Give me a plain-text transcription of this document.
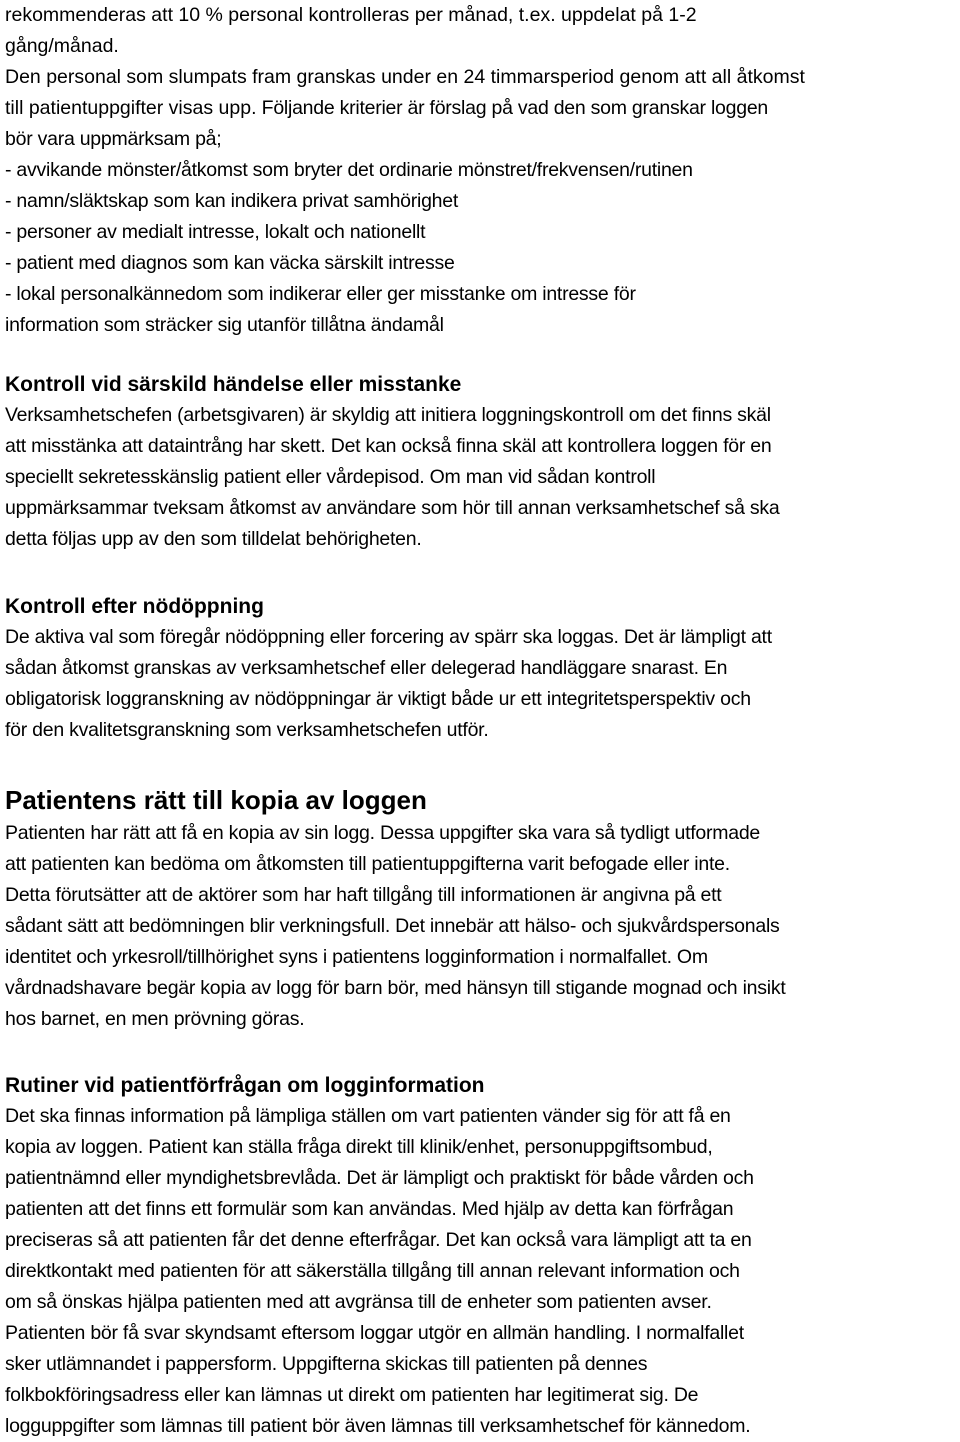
rekommenderas att 10 % personal kontrolleras per månad, t.ex. uppdelat på 1-2
gång/månad.
Den personal som slumpats fram granskas under en 24 timmarsperiod genom att all åtkomst
till patientuppgifter visas upp. Följande kriterier är förslag på vad den som granskar loggen
bör vara uppmärksam på;
- avvikande mönster/åtkomst som bryter det ordinarie mönstret/frekvensen/rutinen
- namn/släktskap som kan indikera privat samhörighet
- personer av medialt intresse, lokalt och nationellt
- patient med diagnos som kan väcka särskilt intresse
- lokal personalkännedom som indikerar eller ger misstanke om intresse för
information som sträcker sig utanför tillåtna ändamål
Kontroll vid särskild händelse eller misstanke
Verksamhetschefen (arbetsgivaren) är skyldig att initiera loggningskontroll om det finns skäl
att misstänka att dataintrång har skett. Det kan också finna skäl att kontrollera loggen för en
speciellt sekretesskänslig patient eller vårdepisod. Om man vid sådan kontroll
uppmärksammar tveksam åtkomst av användare som hör till annan verksamhetschef så ska
detta följas upp av den som tilldelat behörigheten.
Kontroll efter nödöppning
De aktiva val som föregår nödöppning eller forcering av spärr ska loggas. Det är lämpligt att
sådan åtkomst granskas av verksamhetschef eller delegerad handläggare snarast. En
obligatorisk loggranskning av nödöppningar är viktigt både ur ett integritetsperspektiv och
för den kvalitetsgranskning som verksamhetschefen utför.
Patientens rätt till kopia av loggen
Patienten har rätt att få en kopia av sin logg. Dessa uppgifter ska vara så tydligt utformade
att patienten kan bedöma om åtkomsten till patientuppgifterna varit befogade eller inte.
Detta förutsätter att de aktörer som har haft tillgång till informationen är angivna på ett
sådant sätt att bedömningen blir verkningsfull. Det innebär att hälso- och sjukvårdspersonals
identitet och yrkesroll/tillhörighet syns i patientens logginformation i normalfallet. Om
vårdnadshavare begär kopia av logg för barn bör, med hänsyn till stigande mognad och insikt
hos barnet, en men prövning göras.
Rutiner vid patientförfrågan om logginformation
Det ska finnas information på lämpliga ställen om vart patienten vänder sig för att få en
kopia av loggen. Patient kan ställa fråga direkt till klinik/enhet, personuppgiftsombud,
patientnämnd eller myndighetsbrevlåda. Det är lämpligt och praktiskt för både vården och
patienten att det finns ett formulär som kan användas. Med hjälp av detta kan förfrågan
preciseras så att patienten får det denne efterfrågar. Det kan också vara lämpligt att ta en
direktkontakt med patienten för att säkerställa tillgång till annan relevant information och
om så önskas hjälpa patienten med att avgränsa till de enheter som patienten avser.
Patienten bör få svar skyndsamt eftersom loggar utgör en allmän handling. I normalfallet
sker utlämnandet i pappersform. Uppgifterna skickas till patienten på dennes
folkbokföringsadress eller kan lämnas ut direkt om patienten har legitimerat sig. De
logguppgifter som lämnas till patient bör även lämnas till verksamhetschef för kännedom.
